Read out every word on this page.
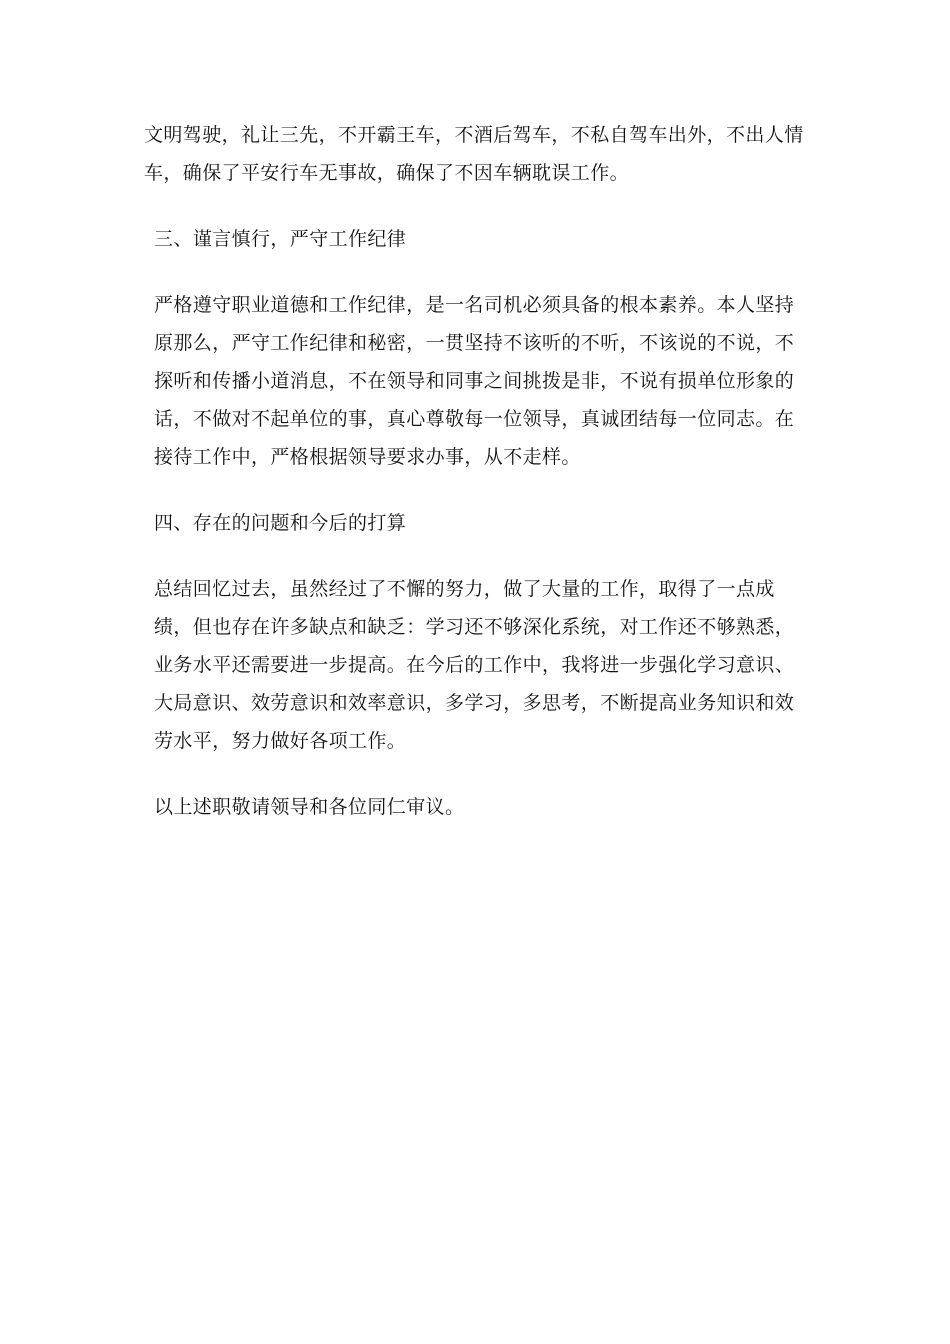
文明驾驶，礼让三先，不开霸王车，不酒后驾车，不私自驾车出外，不出人情车，确保了平安行车无事故，确保了不因车辆耽误工作。

三、谨言慎行，严守工作纪律

严格遵守职业道德和工作纪律，是一名司机必须具备的根本素养。本人坚持原那么，严守工作纪律和秘密，一贯坚持不该听的不听，不该说的不说，不探听和传播小道消息，不在领导和同事之间挑拨是非，不说有损单位形象的话，不做对不起单位的事，真心尊敬每一位领导，真诚团结每一位同志。在接待工作中，严格根据领导要求办事，从不走样。

四、存在的问题和今后的打算

总结回忆过去，虽然经过了不懈的努力，做了大量的工作，取得了一点成绩，但也存在许多缺点和缺乏：学习还不够深化系统，对工作还不够熟悉，业务水平还需要进一步提高。在今后的工作中，我将进一步强化学习意识、大局意识、效劳意识和效率意识，多学习，多思考，不断提高业务知识和效劳水平，努力做好各项工作。

以上述职敬请领导和各位同仁审议。
